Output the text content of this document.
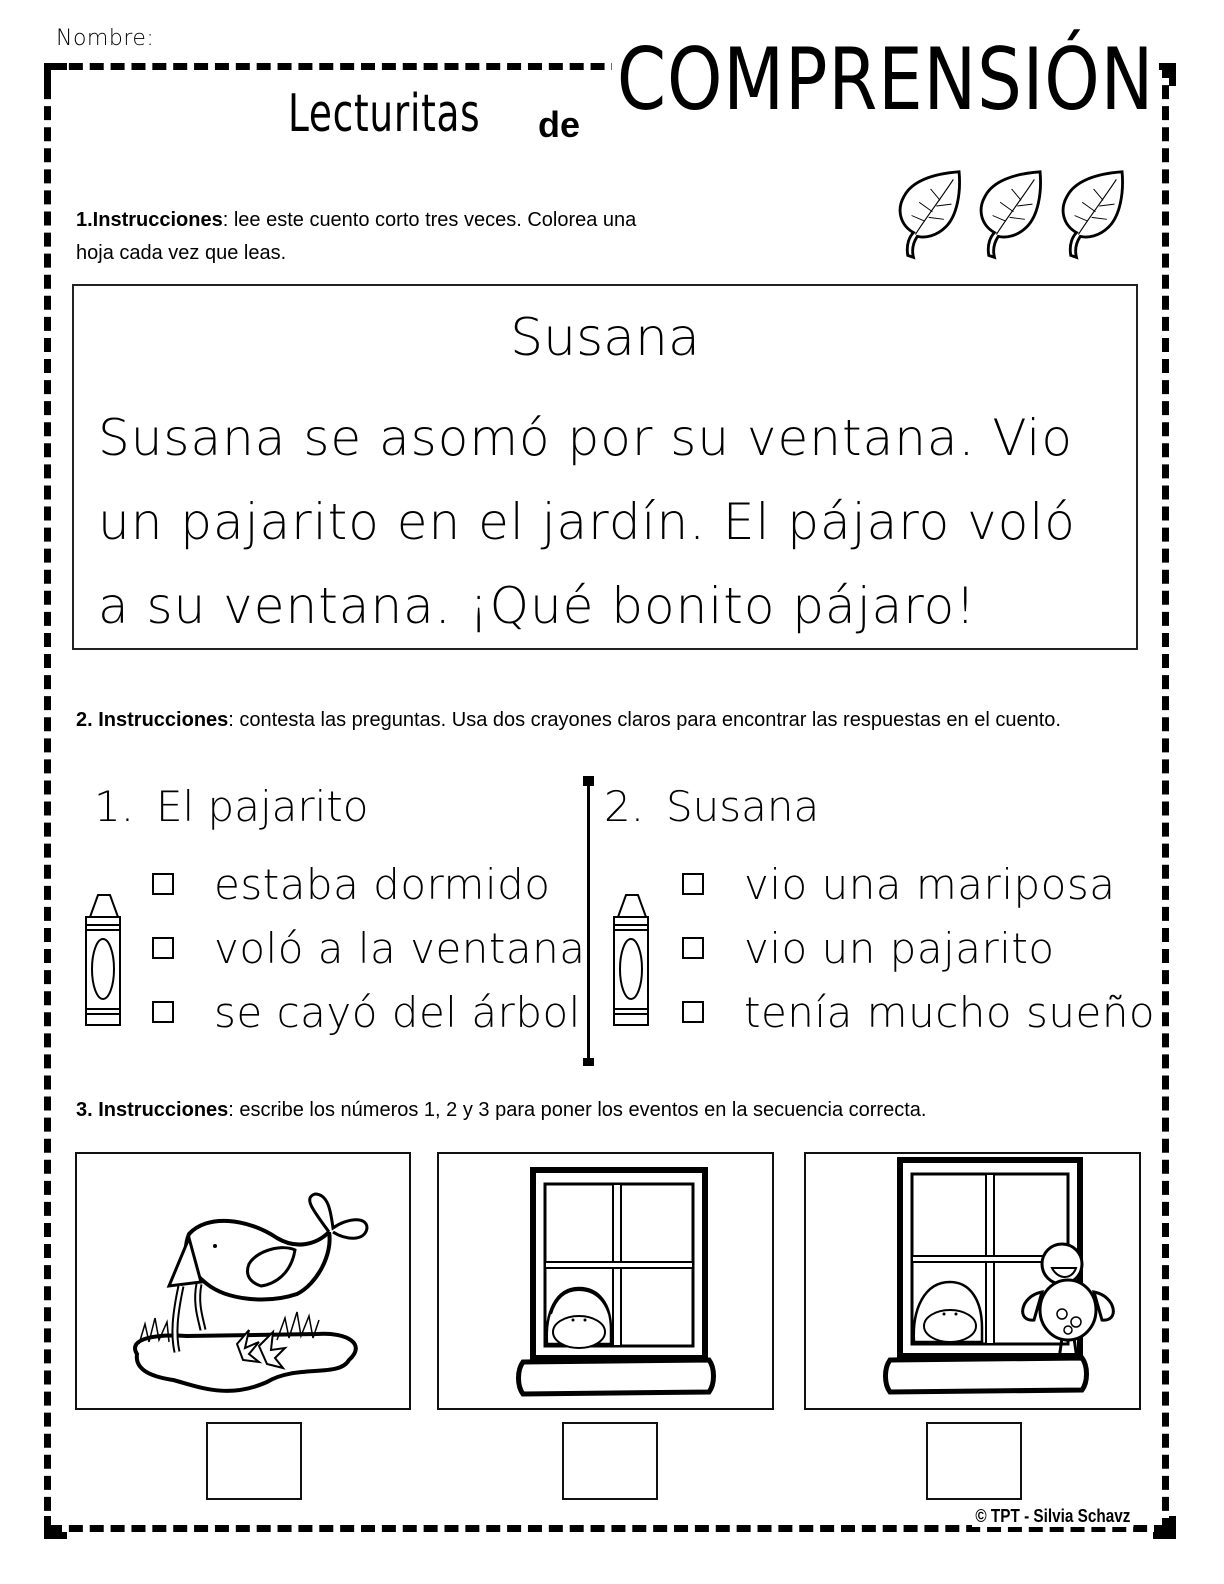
Nombre:
Lecturitas de COMPRENSIÓN
1.Instrucciones: lee este cuento corto tres veces. Colorea una hoja cada vez que leas.
Susana
Susana se asomó por su ventana. Vio un pajarito en el jardín. El pájaro voló a su ventana. ¡Qué bonito pájaro!
2. Instrucciones: contesta las preguntas. Usa dos crayones claros para encontrar las respuestas en el cuento.
1. El pajarito	2. Susana
estaba dormido
voló a la ventana
se cayó del árbol
vio una mariposa
vio un pajarito
tenía mucho sueño
3. Instrucciones: escribe los números 1, 2 y 3 para poner los eventos en la secuencia correcta.
© TPT - Silvia Schavz
